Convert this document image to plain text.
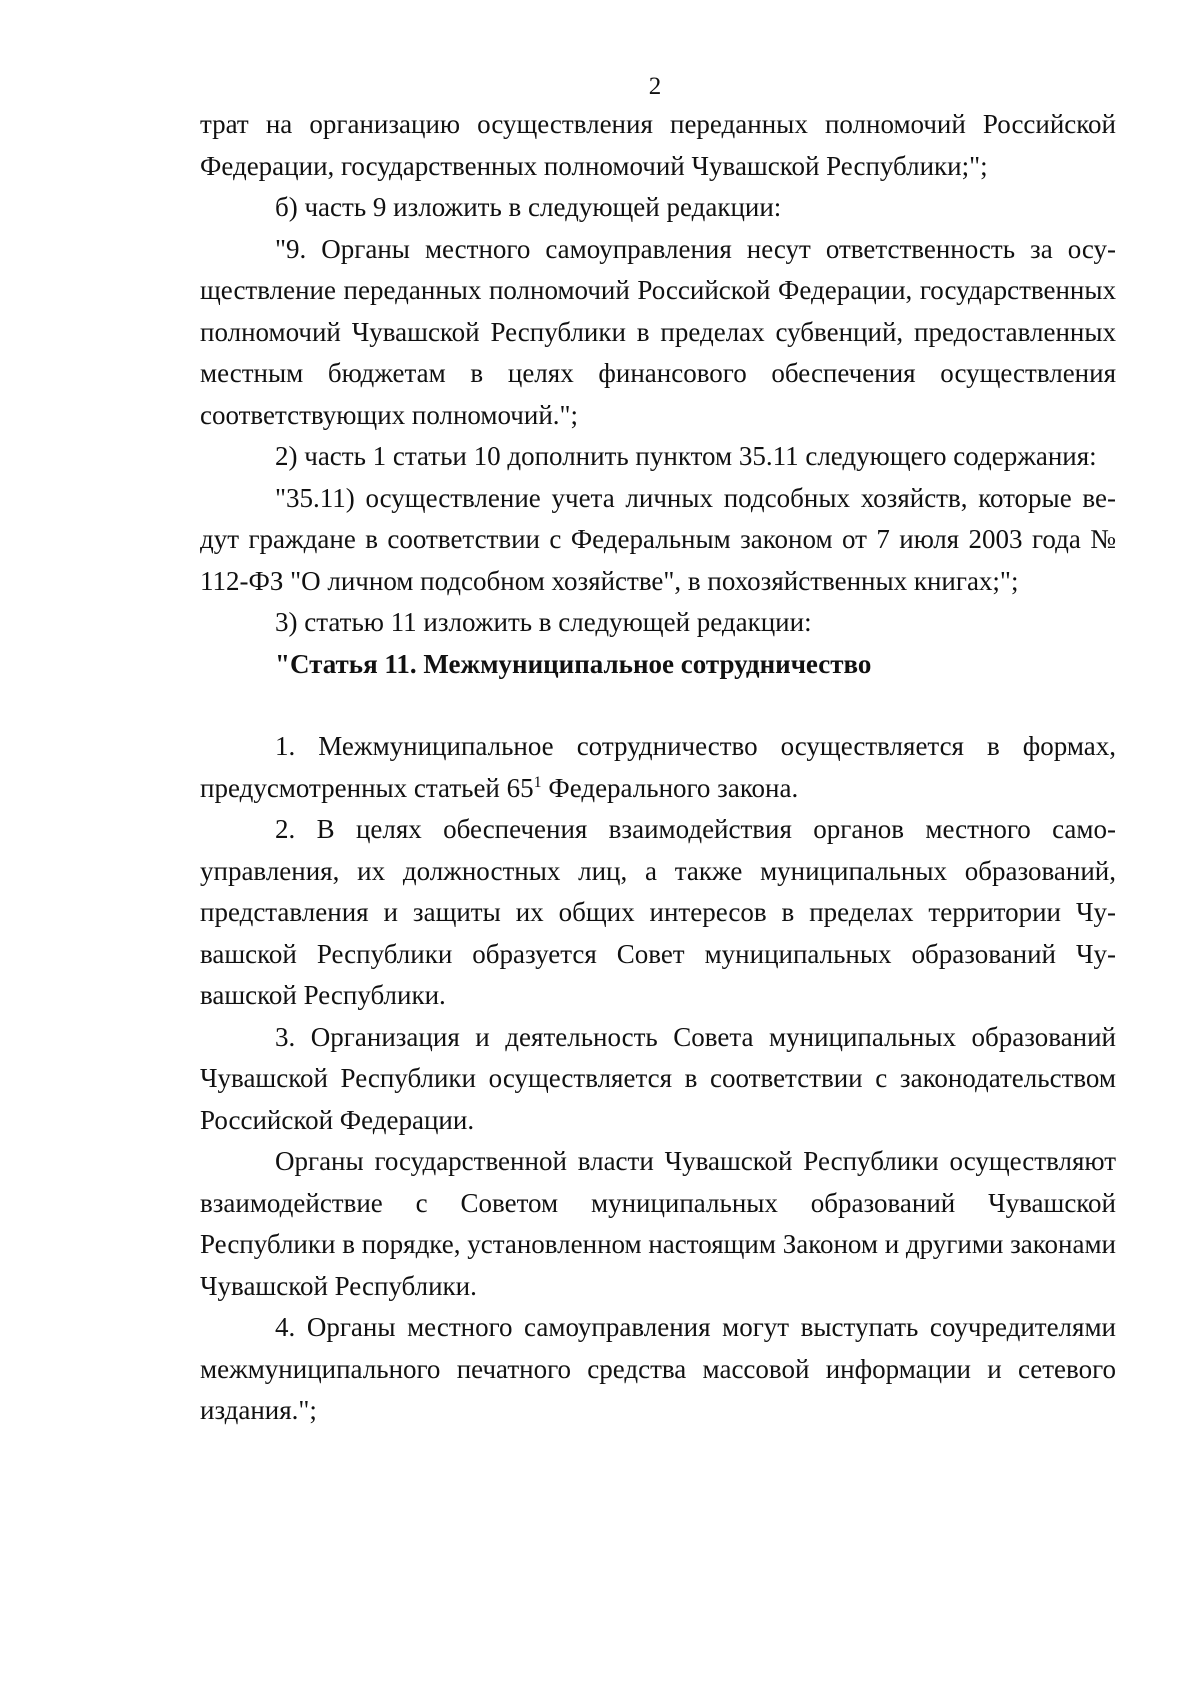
2

трат на организацию осуществления переданных полномочий Российской Федерации, государственных полномочий Чувашской Республики;";

б) часть 9 изложить в следующей редакции:

"9. Органы местного самоуправления несут ответственность за осуществление переданных полномочий Российской Федерации, государственных полномочий Чувашской Республики в пределах субвенций, предоставленных местным бюджетам в целях финансового обеспечения осуществления соответствующих полномочий.";

2) часть 1 статьи 10 дополнить пунктом 35.11 следующего содержания:

"35.11) осуществление учета личных подсобных хозяйств, которые ведут граждане в соответствии с Федеральным законом от 7 июля 2003 года № 112-ФЗ "О личном подсобном хозяйстве", в похозяйственных книгах;";

3) статью 11 изложить в следующей редакции:

"Статья 11. Межмуниципальное сотрудничество

1. Межмуниципальное сотрудничество осуществляется в формах, предусмотренных статьей $65^1$ Федерального закона.

2. В целях обеспечения взаимодействия органов местного самоуправления, их должностных лиц, а также муниципальных образований, представления и защиты их общих интересов в пределах территории Чувашской Республики образуется Совет муниципальных образований Чувашской Республики.

3. Организация и деятельность Совета муниципальных образований Чувашской Республики осуществляется в соответствии с законодательством Российской Федерации.

Органы государственной власти Чувашской Республики осуществляют взаимодействие с Советом муниципальных образований Чувашской Республики в порядке, установленном настоящим Законом и другими законами Чувашской Республики.

4. Органы местного самоуправления могут выступать соучредителями межмуниципального печатного средства массовой информации и сетевого издания.";
